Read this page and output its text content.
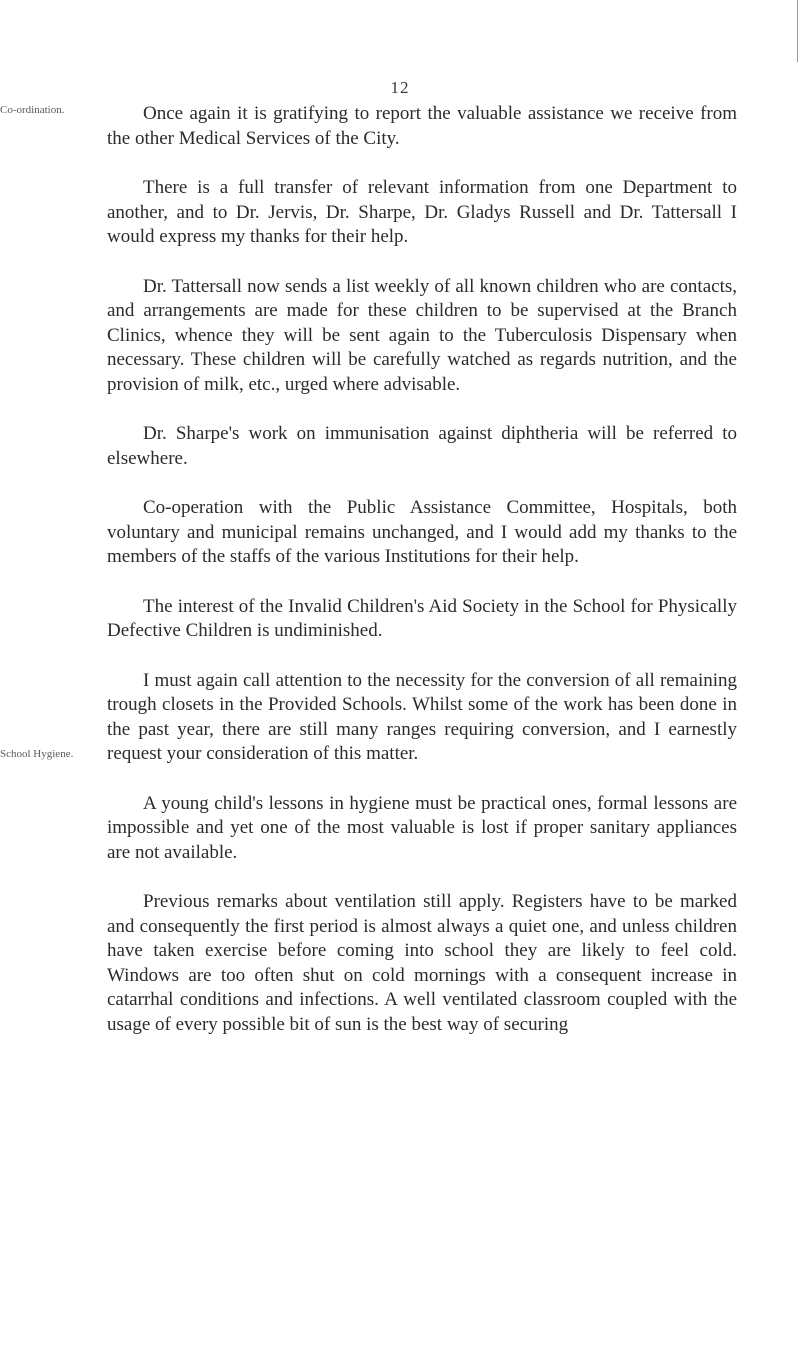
12
Co-ordination.
School Hygiene.

Once again it is gratifying to report the valuable assistance we receive from the other Medical Services of the City.

There is a full transfer of relevant information from one Department to another, and to Dr. Jervis, Dr. Sharpe, Dr. Gladys Russell and Dr. Tattersall I would express my thanks for their help.

Dr. Tattersall now sends a list weekly of all known children who are contacts, and arrangements are made for these children to be supervised at the Branch Clinics, whence they will be sent again to the Tuberculosis Dispensary when necessary. These children will be carefully watched as regards nutrition, and the provision of milk, etc., urged where advisable.

Dr. Sharpe's work on immunisation against diphtheria will be referred to elsewhere.

Co-operation with the Public Assistance Committee, Hospitals, both voluntary and municipal remains unchanged, and I would add my thanks to the members of the staffs of the various Institutions for their help.

The interest of the Invalid Children's Aid Society in the School for Physically Defective Children is undiminished.

I must again call attention to the necessity for the conversion of all remaining trough closets in the Provided Schools. Whilst some of the work has been done in the past year, there are still many ranges requiring conversion, and I earnestly request your consideration of this matter.

A young child's lessons in hygiene must be practical ones, formal lessons are impossible and yet one of the most valuable is lost if proper sanitary appliances are not available.

Previous remarks about ventilation still apply. Registers have to be marked and consequently the first period is almost always a quiet one, and unless children have taken exercise before coming into school they are likely to feel cold. Windows are too often shut on cold mornings with a consequent increase in catarrhal conditions and infections. A well ventilated classroom coupled with the usage of every possible bit of sun is the best way of securing
